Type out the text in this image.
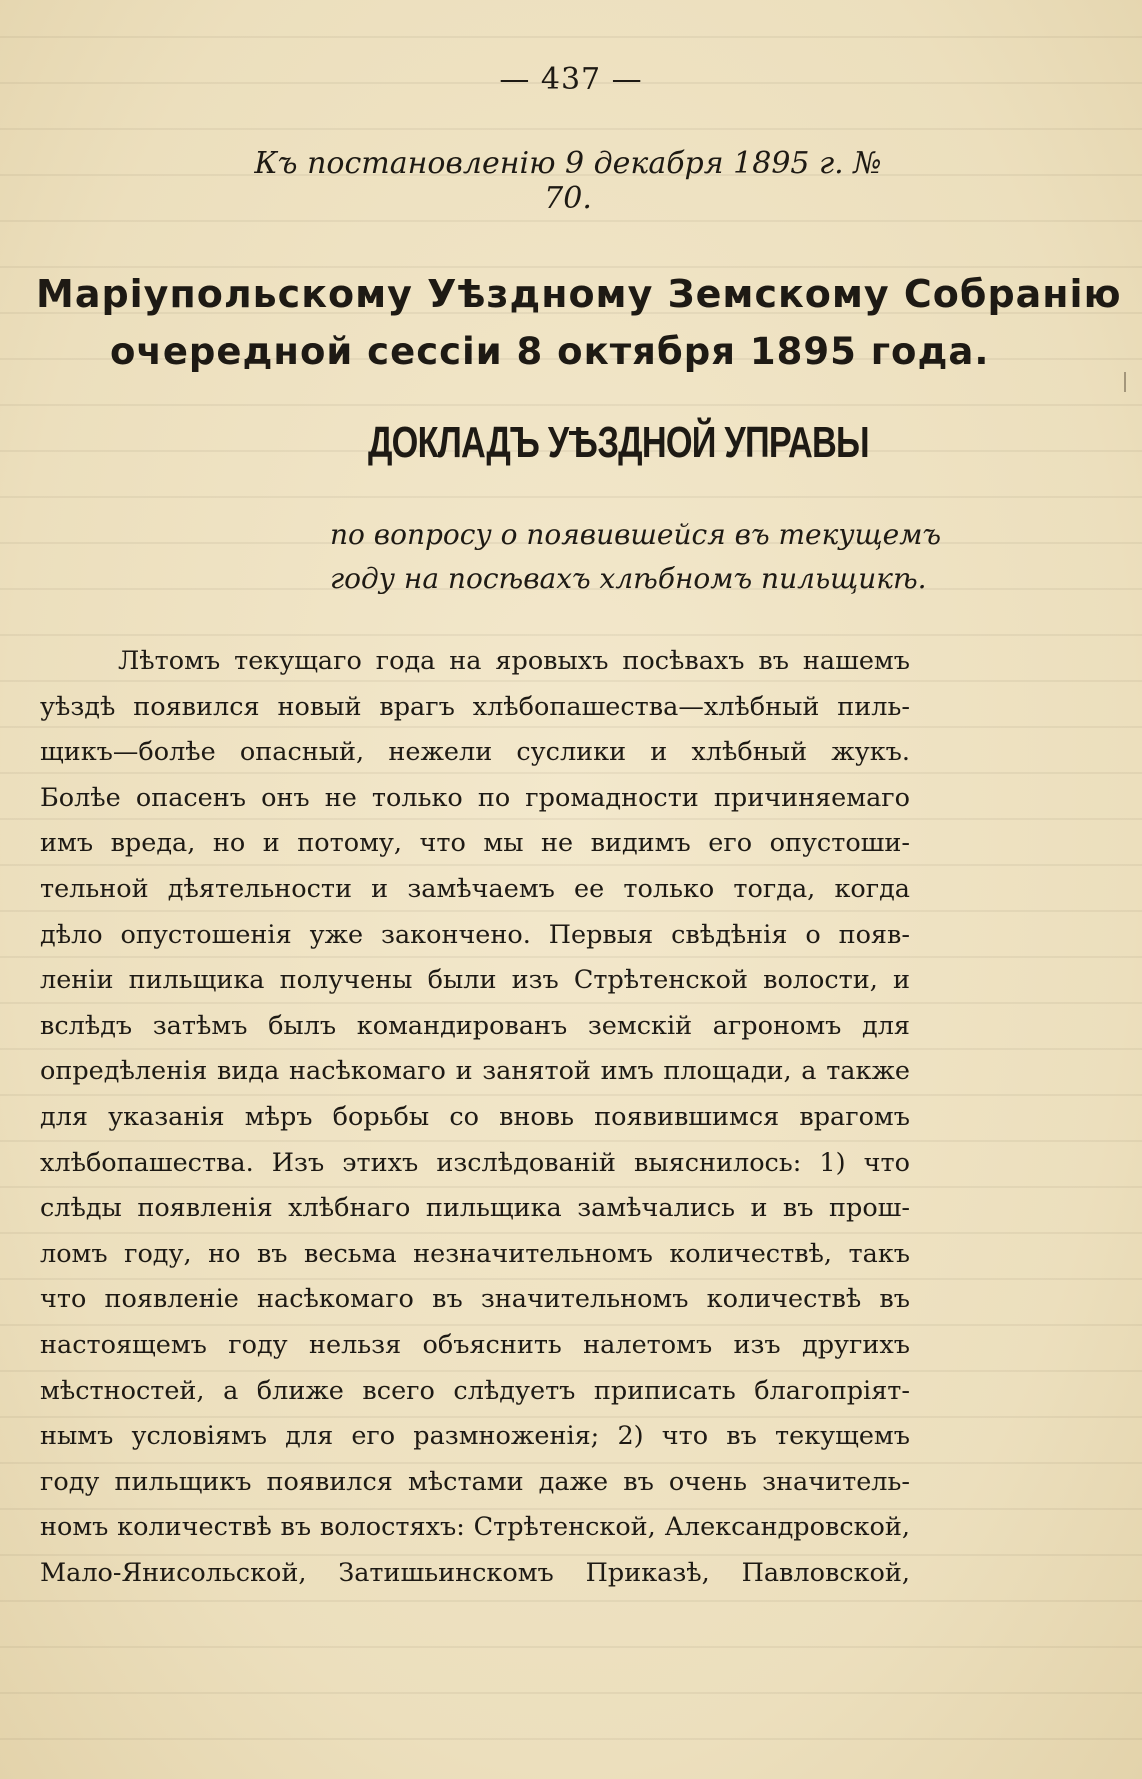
— 437 —
Къ постановленію 9 декабря 1895 г. № 70.
Маріупольскому Уѣздному Земскому Собранію
очередной сессіи 8 октября 1895 года.
ДОКЛАДЪ УѢЗДНОЙ УПРАВЫ
по вопросу о появившейся въ текущемъ
году на посѣвахъ хлѣбномъ пильщикѣ.
Лѣтомъ текущаго года на яровыхъ посѣвахъ въ нашемъ
уѣздѣ появился новый врагъ хлѣбопашества—хлѣбный пиль-
щикъ—болѣе опасный, нежели суслики и хлѣбный жукъ.
Болѣе опасенъ онъ не только по громадности причиняемаго
имъ вреда, но и потому, что мы не видимъ его опустоши-
тельной дѣятельности и замѣчаемъ ее только тогда, когда
дѣло опустошенія уже закончено. Первыя свѣдѣнія о появ-
леніи пильщика получены были изъ Стрѣтенской волости, и
вслѣдъ затѣмъ былъ командированъ земскій агрономъ для
опредѣленія вида насѣкомаго и занятой имъ площади, а также
для указанія мѣръ борьбы со вновь появившимся врагомъ
хлѣбопашества. Изъ этихъ изслѣдованій выяснилось: 1) что
слѣды появленія хлѣбнаго пильщика замѣчались и въ прош-
ломъ году, но въ весьма незначительномъ количествѣ, такъ
что появленіе насѣкомаго въ значительномъ количествѣ въ
настоящемъ году нельзя объяснить налетомъ изъ другихъ
мѣстностей, а ближе всего слѣдуетъ приписать благопріят-
нымъ условіямъ для его размноженія; 2) что въ текущемъ
году пильщикъ появился мѣстами даже въ очень значитель-
номъ количествѣ въ волостяхъ: Стрѣтенской, Александровской,
Мало-Янисольской, Затишьинскомъ Приказѣ, Павловской,
